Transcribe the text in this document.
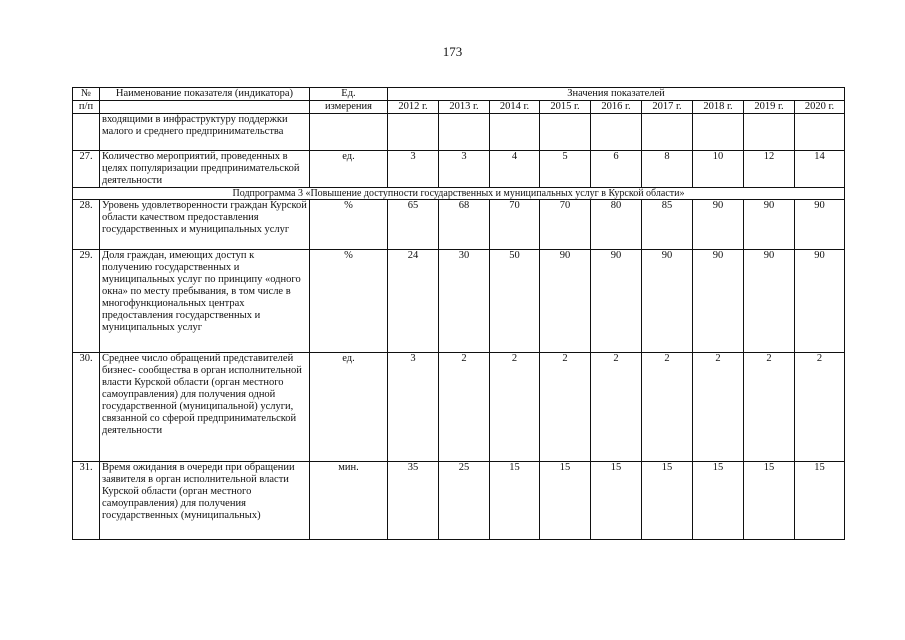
173
№	Наименование показателя (индикатора)	Ед.	Значения показателей								
п/п		измерения	2012 г.	2013 г.	2014 г.	2015 г.	2016 г.	2017 г.	2018 г.	2019 г.	2020 г.
	входящими в инфраструктуру поддержки малого и среднего предпринимательства										
27.	Количество мероприятий, проведенных в целях популяризации предпринимательской деятельности	ед.	3	3	4	5	6	8	10	12	14
Подпрограмма 3 «Повышение доступности государственных и муниципальных услуг в Курской области»											
28.	Уровень удовлетворенности граждан Курской области качеством предоставления государственных и муниципальных услуг	%	65	68	70	70	80	85	90	90	90
29.	Доля граждан, имеющих доступ к получению государственных и муниципальных услуг по принципу «одного окна» по месту пребывания, в том числе в многофункциональных центрах предоставления государственных и муниципальных услуг	%	24	30	50	90	90	90	90	90	90
30.	Среднее число обращений представителей бизнес- сообщества в орган исполнительной власти Курской области (орган местного самоуправления) для получения одной государственной (муниципальной) услуги, связанной со сферой предпринимательской деятельности	ед.	3	2	2	2	2	2	2	2	2
31.	Время ожидания в очереди при обращении заявителя в орган исполнительной власти Курской области (орган местного самоуправления) для получения государственных (муниципальных)	мин.	35	25	15	15	15	15	15	15	15
